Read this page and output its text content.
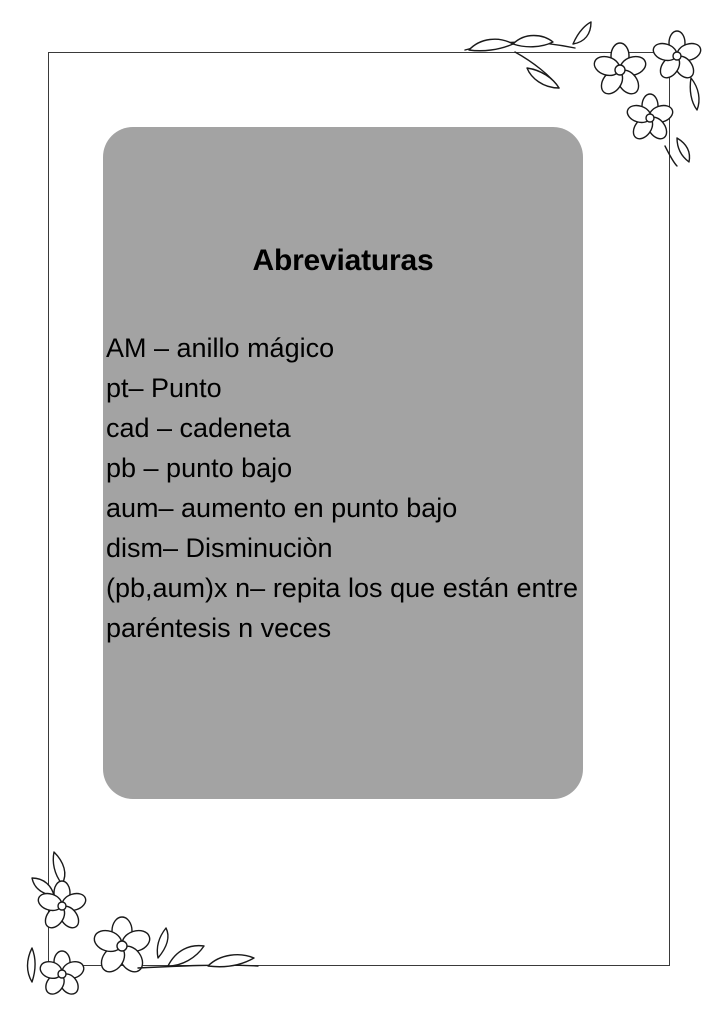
Abreviaturas
AM – anillo mágico
pt– Punto
cad – cadeneta
pb – punto bajo
aum– aumento en punto bajo
dism– Disminuciòn
(pb,aum)x n– repita los que están entre paréntesis n veces
